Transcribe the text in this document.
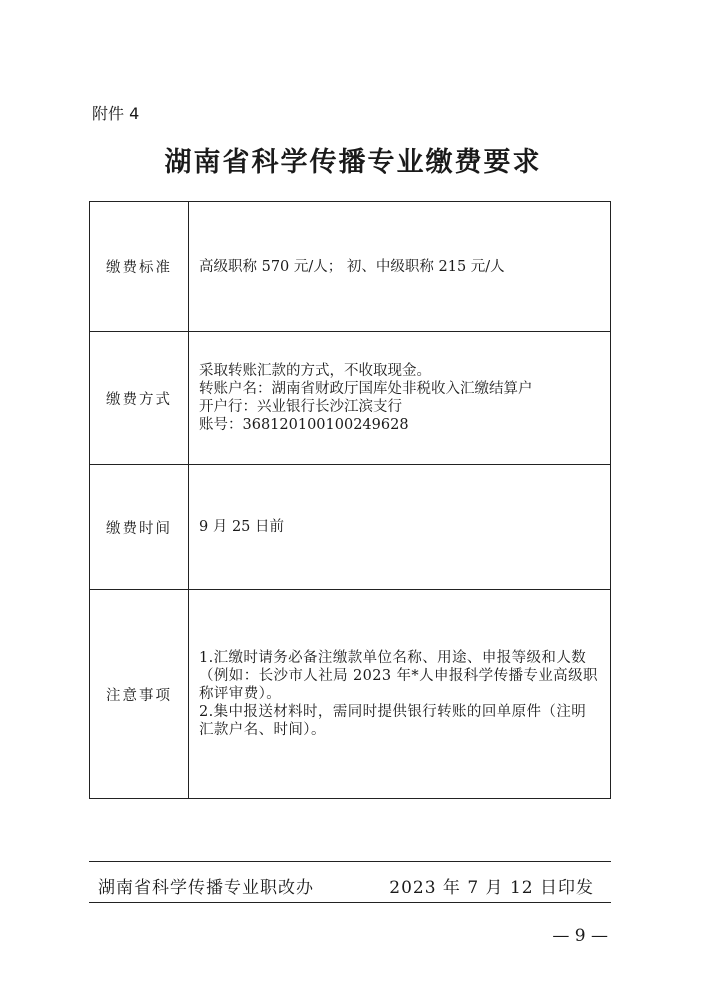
附件 4
湖南省科学传播专业缴费要求
缴费标准	高级职称 570 元/人； 初、中级职称 215 元/人

缴费方式	采取转账汇款的方式，不收取现金。
转账户名：湖南省财政厅国库处非税收入汇缴结算户
开户行：兴业银行长沙江滨支行
账号：368120100100249628

缴费时间	9 月 25 日前

注意事项	1.汇缴时请务必备注缴款单位名称、用途、申报等级和人数（例如：长沙市人社局 2023 年*人申报科学传播专业高级职称评审费）。
2.集中报送材料时，需同时提供银行转账的回单原件（注明汇款户名、时间）。
湖南省科学传播专业职改办	2023 年 7 月 12 日印发
— 9 —
